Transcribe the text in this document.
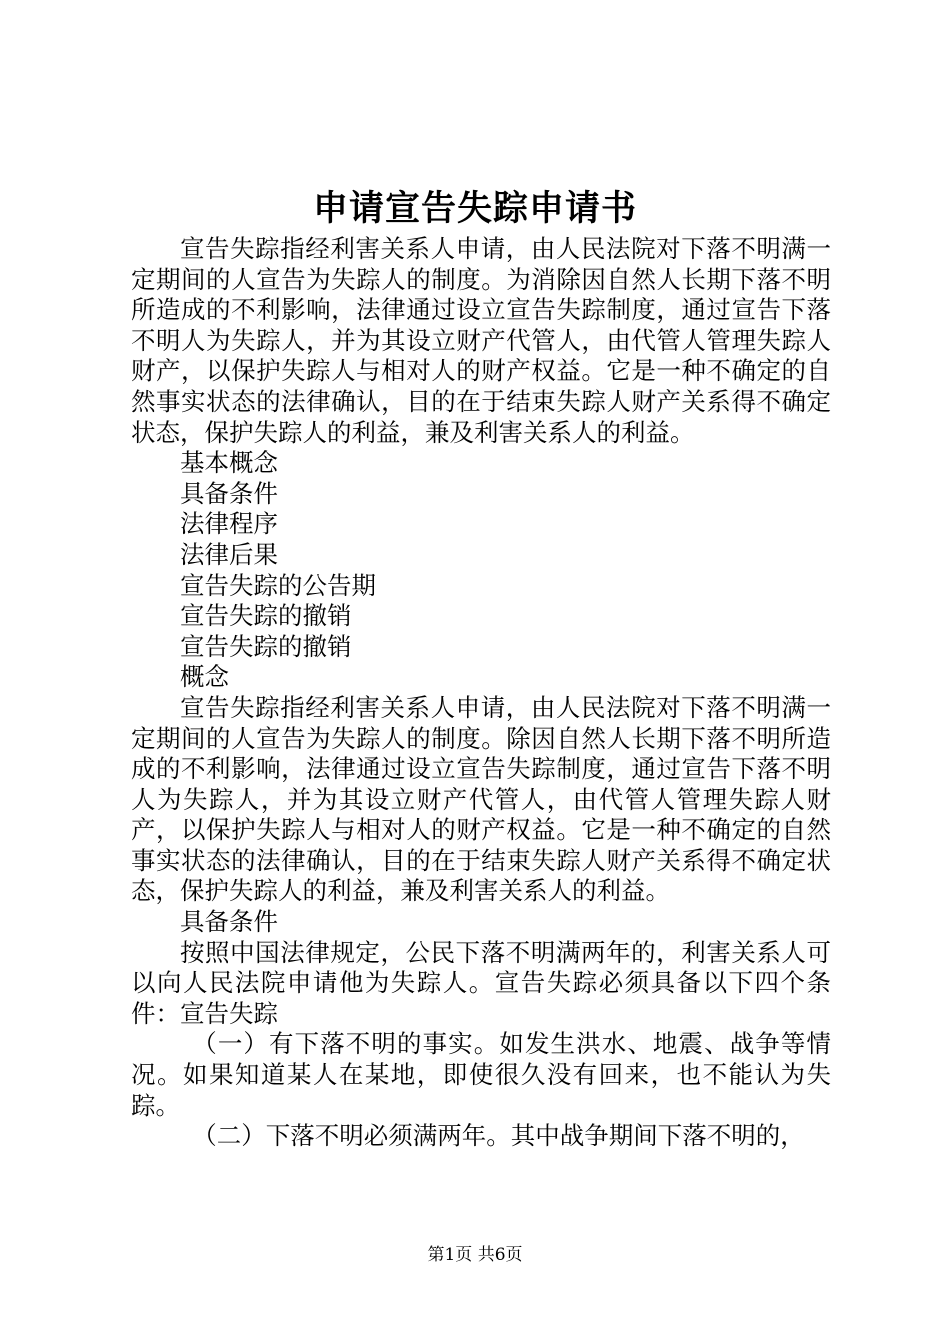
申请宣告失踪申请书

宣告失踪指经利害关系人申请，由人民法院对下落不明满一定期间的人宣告为失踪人的制度。为消除因自然人长期下落不明所造成的不利影响，法律通过设立宣告失踪制度，通过宣告下落不明人为失踪人，并为其设立财产代管人，由代管人管理失踪人财产，以保护失踪人与相对人的财产权益。它是一种不确定的自然事实状态的法律确认，目的在于结束失踪人财产关系得不确定状态，保护失踪人的利益，兼及利害关系人的利益。

基本概念

具备条件

法律程序

法律后果

宣告失踪的公告期

宣告失踪的撤销

宣告失踪的撤销

概念

宣告失踪指经利害关系人申请，由人民法院对下落不明满一定期间的人宣告为失踪人的制度。除因自然人长期下落不明所造成的不利影响，法律通过设立宣告失踪制度，通过宣告下落不明人为失踪人，并为其设立财产代管人，由代管人管理失踪人财产，以保护失踪人与相对人的财产权益。它是一种不确定的自然事实状态的法律确认，目的在于结束失踪人财产关系得不确定状态，保护失踪人的利益，兼及利害关系人的利益。

具备条件

按照中国法律规定，公民下落不明满两年的，利害关系人可以向人民法院申请他为失踪人。宣告失踪必须具备以下四个条件：宣告失踪

（一）有下落不明的事实。如发生洪水、地震、战争等情况。如果知道某人在某地，即使很久没有回来，也不能认为失踪。

（二）下落不明必须满两年。其中战争期间下落不明的，

第1页 共6页
